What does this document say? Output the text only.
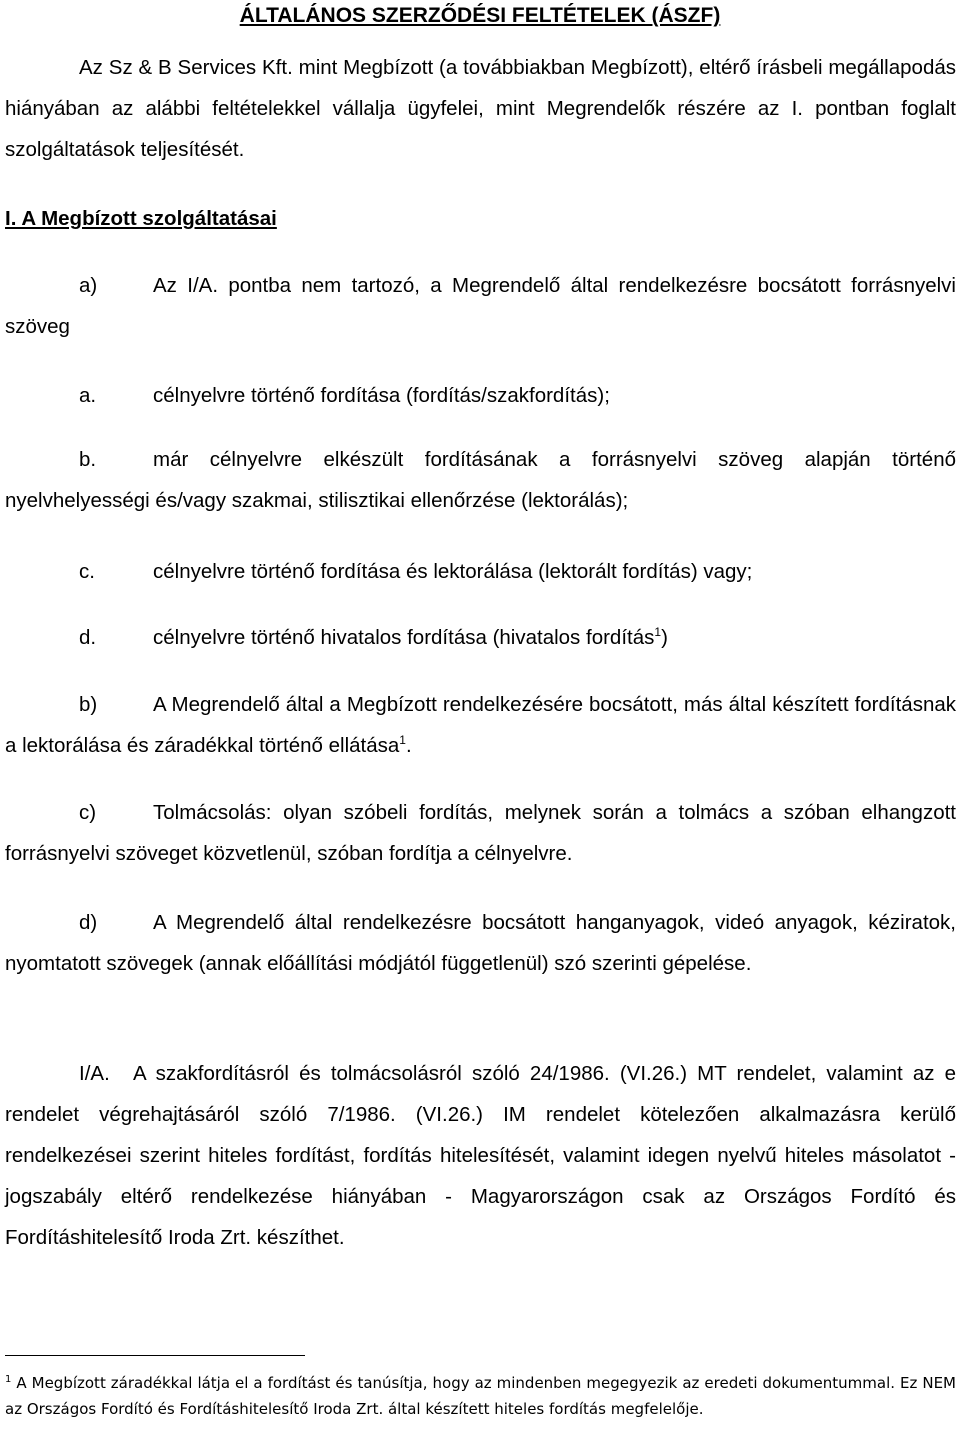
ÁLTALÁNOS SZERZŐDÉSI FELTÉTELEK (ÁSZF)
Az Sz & B Services Kft. mint Megbízott (a továbbiakban Megbízott), eltérő írásbeli megállapodás hiányában az alábbi feltételekkel vállalja ügyfelei, mint Megrendelők részére az I. pontban foglalt szolgáltatások teljesítését.
I. A Megbízott szolgáltatásai
a)	Az I/A. pontba nem tartozó, a Megrendelő által rendelkezésre bocsátott forrásnyelvi szöveg
a.	célnyelvre történő fordítása (fordítás/szakfordítás);
b.	már célnyelvre elkészült fordításának a forrásnyelvi szöveg alapján történő nyelvhelyességi és/vagy szakmai, stilisztikai ellenőrzése (lektorálás);
c.	célnyelvre történő fordítása és lektorálása (lektorált fordítás) vagy;
d.	célnyelvre történő hivatalos fordítása (hivatalos fordítás$^1$)
b)	A Megrendelő által a Megbízott rendelkezésére bocsátott, más által készített fordításnak a lektorálása és záradékkal történő ellátása$^1$.
c)	Tolmácsolás: olyan szóbeli fordítás, melynek során a tolmács a szóban elhangzott forrásnyelvi szöveget közvetlenül, szóban fordítja a célnyelvre.
d)	A Megrendelő által rendelkezésre bocsátott hanganyagok, videó anyagok, kéziratok, nyomtatott szövegek (annak előállítási módjától függetlenül) szó szerinti gépelése.
I/A. A szakfordításról és tolmácsolásról szóló 24/1986. (VI.26.) MT rendelet, valamint az e rendelet végrehajtásáról szóló 7/1986. (VI.26.) IM rendelet kötelezően alkalmazásra kerülő rendelkezései szerint hiteles fordítást, fordítás hitelesítését, valamint idegen nyelvű hiteles másolatot - jogszabály eltérő rendelkezése hiányában - Magyarországon csak az Országos Fordító és Fordításhitelesítő Iroda Zrt. készíthet.
$^1$ A Megbízott záradékkal látja el a fordítást és tanúsítja, hogy az mindenben megegyezik az eredeti dokumentummal. Ez NEM az Országos Fordító és Fordításhitelesítő Iroda Zrt. által készített hiteles fordítás megfelelője.
